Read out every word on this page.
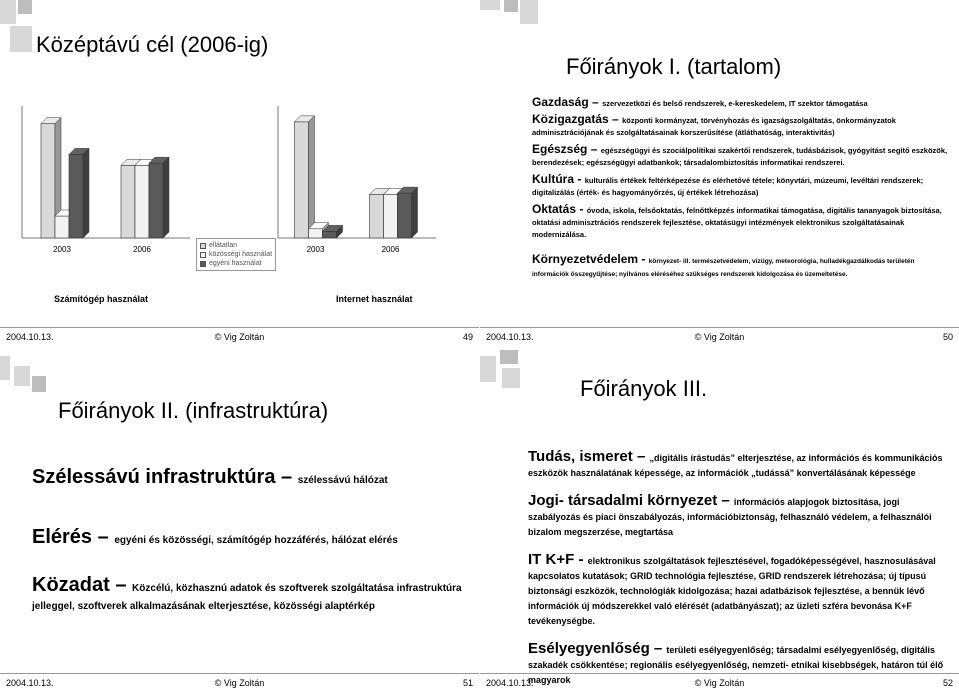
Középtávú cél (2006-ig)
2003	2006	ellátatlan
közösségi használat
egyéni használat
2003	2006
Számítógép használat	Internet használat
2004.10.13.	© Vig Zoltán	49
Főirányok I. (tartalom)
Gazdaság – szervezetközi és belső rendszerek, e-kereskedelem, IT szektor támogatása
Közigazgatás – központi kormányzat, törvényhozás és igazságszolgáltatás, önkormányzatok adminisztrációjának és szolgáltatásainak korszerűsítése (átláthatóság, interaktivitás)
Egészség – egészségügyi és szociálpolitikai szakértői rendszerek, tudásbázisok, gyógyítást segítő eszközök, berendezések; egészségügyi adatbankok; társadalombiztosítás informatikai rendszerei.
Kultúra - kulturális értékek feltérképezése és elérhetővé tétele; könyvtári, múzeumi, levéltári rendszerek; digitalizálás (érték- és hagyományőrzés, új értékek létrehozása)
Oktatás - óvoda, iskola, felsőoktatás, felnőttképzés informatikai támogatása, digitális tananyagok biztosítása, oktatási adminisztrációs rendszerek fejlesztése, oktatásügyi intézmények elektronikus szolgáltatásainak modernizálása.
Környezetvédelem - környezet- ill. természetvédelem, vízügy, meteorológia, hulladékgazdálkodás területén információk összegyűjtése; nyilvános eléréséhez szükséges rendszerek kidolgozása és üzemeltetése.
2004.10.13.	© Vig Zoltán	50
Főirányok II. (infrastruktúra)
Szélessávú infrastruktúra – szélessávú hálózat
Elérés – egyéni és közösségi, számítógép hozzáférés, hálózat elérés
Közadat – Közcélú, közhasznú adatok és szoftverek szolgáltatása infrastruktúra jelleggel, szoftverek alkalmazásának elterjesztése, közösségi alaptérkép
2004.10.13.	© Vig Zoltán	51
Főirányok III.
Tudás, ismeret – „digitális írástudás” elterjesztése, az információs és kommunikációs eszközök használatának képessége, az információk „tudássá” konvertálásának képessége
Jogi- társadalmi környezet – információs alapjogok biztosítása, jogi szabályozás és piaci önszabályozás, információbiztonság, felhasználó védelem, a felhasználói bizalom megszerzése, megtartása
IT K+F - elektronikus szolgáltatások fejlesztésével, fogadóképességével, hasznosulásával kapcsolatos kutatások; GRID technológia fejlesztése, GRID rendszerek létrehozása; új típusú biztonsági eszközök, technológiák kidolgozása; hazai adatbázisok fejlesztése, a bennük lévő információk új módszerekkel való elérését (adatbányászat); az üzleti szféra bevonása K+F tevékenységbe.
Esélyegyenlőség – területi esélyegyenlőség; társadalmi esélyegyenlőség, digitális szakadék csökkentése; regionális esélyegyenlőség, nemzeti- etnikai kisebbségek, határon túl élő magyarok
2004.10.13.	© Vig Zoltán	52
